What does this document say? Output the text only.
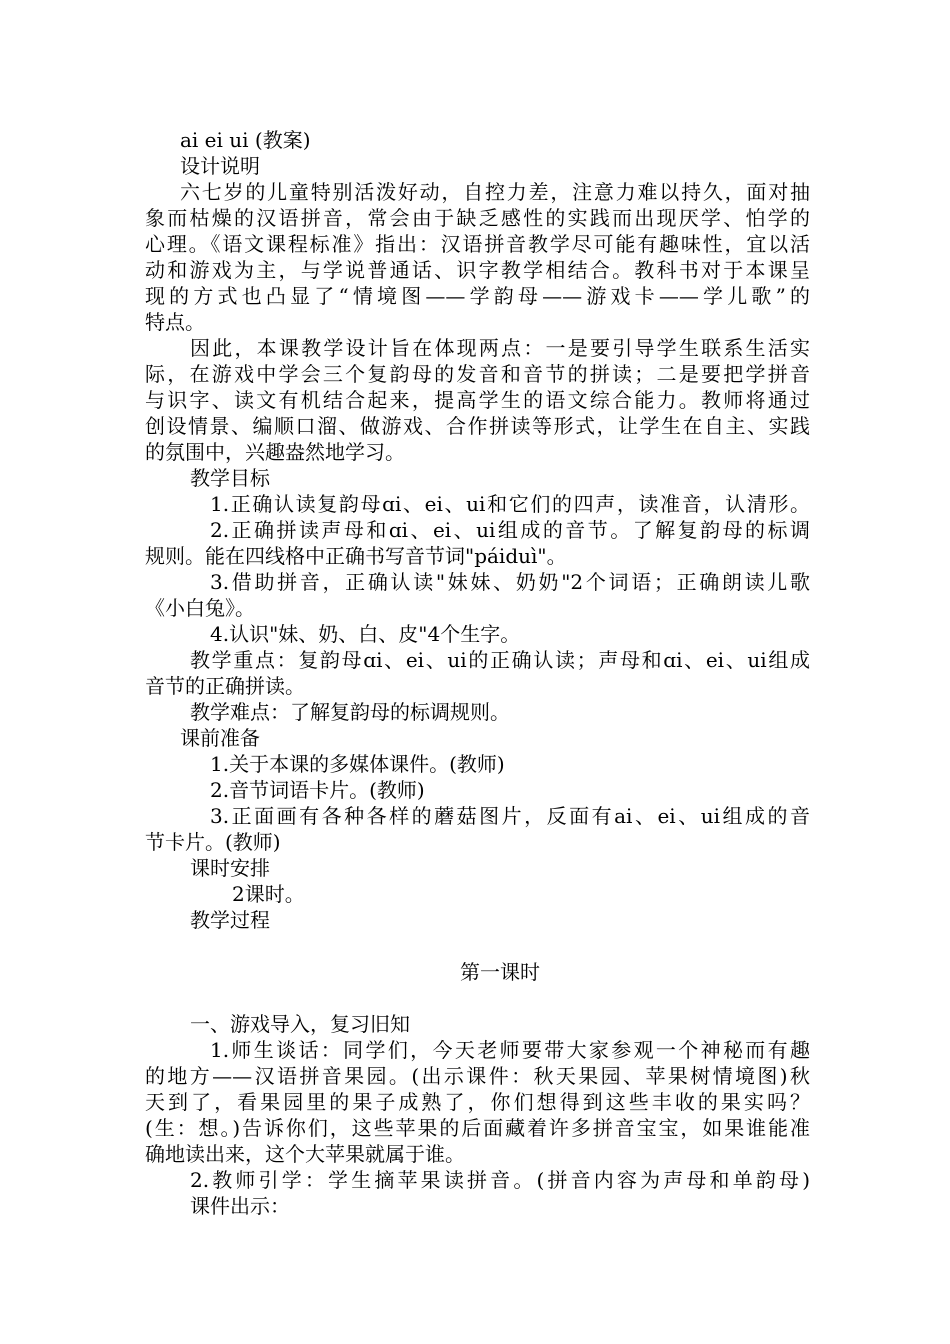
ai ei ui (教案)
设计说明
六七岁的儿童特别活泼好动，自控力差，注意力难以持久，面对抽
象而枯燥的汉语拼音，常会由于缺乏感性的实践而出现厌学、怕学的
心理。《语文课程标准》指出：汉语拼音教学尽可能有趣味性，宜以活
动和游戏为主，与学说普通话、识字教学相结合。教科书对于本课呈
现的方式也凸显了“情境图——学韵母——游戏卡——学儿歌”的
特点。
因此，本课教学设计旨在体现两点：一是要引导学生联系生活实
际，在游戏中学会三个复韵母的发音和音节的拼读；二是要把学拼音
与识字、读文有机结合起来，提高学生的语文综合能力。教师将通过
创设情景、编顺口溜、做游戏、合作拼读等形式，让学生在自主、实践
的氛围中，兴趣盎然地学习。
教学目标
1.正确认读复韵母ɑi、ei、ui和它们的四声，读准音，认清形。
2.正确拼读声母和ɑi、ei、ui组成的音节。了解复韵母的标调
规则。能在四线格中正确书写音节词"páiduì"。
3.借助拼音，正确认读"妹妹、奶奶"2个词语；正确朗读儿歌
《小白兔》。
4.认识"妹、奶、白、皮"4个生字。
教学重点：复韵母ɑi、ei、ui的正确认读；声母和ɑi、ei、ui组成
音节的正确拼读。
教学难点：了解复韵母的标调规则。
课前准备
1.关于本课的多媒体课件。(教师)
2.音节词语卡片。(教师)
3.正面画有各种各样的蘑菇图片，反面有ai、ei、ui组成的音
节卡片。(教师)
课时安排
2课时。
教学过程
第一课时
一、游戏导入，复习旧知
1.师生谈话：同学们，今天老师要带大家参观一个神秘而有趣
的地方——汉语拼音果园。(出示课件：秋天果园、苹果树情境图)秋
天到了，看果园里的果子成熟了，你们想得到这些丰收的果实吗？
(生：想。)告诉你们，这些苹果的后面藏着许多拼音宝宝，如果谁能准
确地读出来，这个大苹果就属于谁。
2.教师引学：学生摘苹果读拼音。(拼音内容为声母和单韵母)
课件出示：
